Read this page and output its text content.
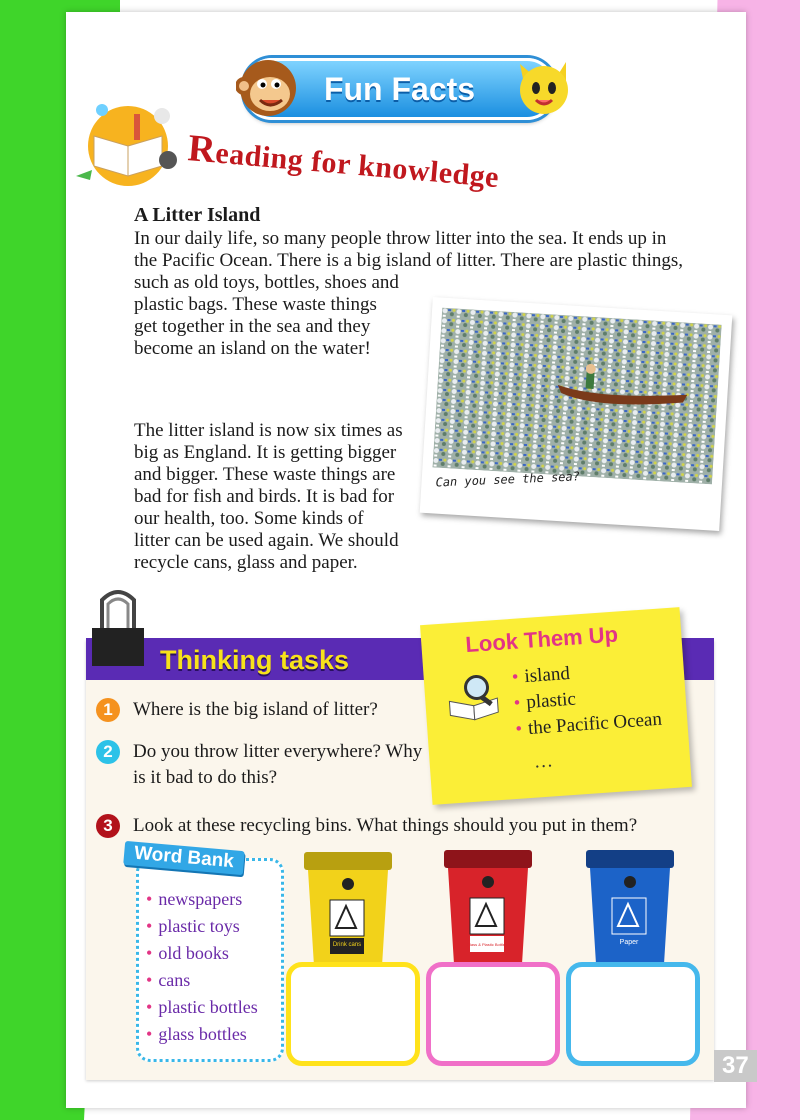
Fun Facts
Reading for knowledge
A Litter Island

In our daily life, so many people throw litter into the sea. It ends up in the Pacific Ocean. There is a big island of litter. There are plastic things,

such as old toys, bottles, shoes and plastic bags. These waste things get together in the sea and they become an island on the water!

The litter island is now six times as big as England. It is getting bigger and bigger. These waste things are bad for fish and birds. It is bad for our health, too. Some kinds of litter can be used again. We should recycle cans, glass and paper.

Can you see the sea?
Thinking tasks
Look Them Up
• island
• plastic
• the Pacific Ocean
…
1	Where is the big island of litter?
2	Do you throw litter everywhere? Why is it bad to do this?
3	Look at these recycling bins. What things should you put in them?
Word Bank
• newspapers
• plastic toys
• old books
• cans
• plastic bottles
• glass bottles
Drink cans	Glass & Plastic Bottles	Paper
37
